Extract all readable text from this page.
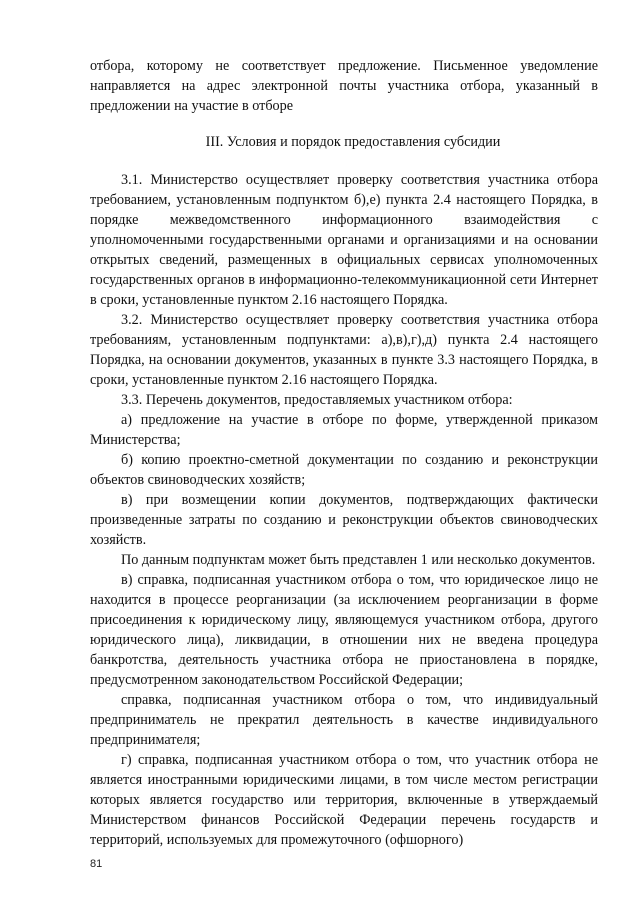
отбора, которому не соответствует предложение. Письменное уведомление направляется на адрес электронной почты участника отбора, указанный в предложении на участие в отборе

III. Условия и порядок предоставления субсидии

3.1. Министерство осуществляет проверку соответствия участника отбора требованием, установленным подпунктом б),е) пункта 2.4 настоящего Порядка, в порядке межведомственного информационного взаимодействия с уполномоченными государственными органами и организациями и на основании открытых сведений, размещенных в официальных сервисах уполномоченных государственных органов в информационно-телекоммуникационной сети Интернет в сроки, установленные пунктом 2.16 настоящего Порядка.

3.2. Министерство осуществляет проверку соответствия участника отбора требованиям, установленным подпунктами: а),в),г),д) пункта 2.4 настоящего Порядка, на основании документов, указанных в пункте 3.3 настоящего Порядка, в сроки, установленные пунктом 2.16 настоящего Порядка.

3.3. Перечень документов, предоставляемых участником отбора:

а) предложение на участие в отборе по форме, утвержденной приказом Министерства;

б) копию проектно-сметной документации по созданию и реконструкции объектов свиноводческих хозяйств;

в) при возмещении копии документов, подтверждающих фактически произведенные затраты по созданию и реконструкции объектов свиноводческих хозяйств.

По данным подпунктам может быть представлен 1 или несколько документов.

в) справка, подписанная участником отбора о том, что юридическое лицо не находится в процессе реорганизации (за исключением реорганизации в форме присоединения к юридическому лицу, являющемуся участником отбора, другого юридического лица), ликвидации, в отношении них не введена процедура банкротства, деятельность участника отбора не приостановлена в порядке, предусмотренном законодательством Российской Федерации;

справка, подписанная участником отбора о том, что индивидуальный предприниматель не прекратил деятельность в качестве индивидуального предпринимателя;

г) справка, подписанная участником отбора о том, что участник отбора не является иностранными юридическими лицами, в том числе местом регистрации которых является государство или территория, включенные в утверждаемый Министерством финансов Российской Федерации перечень государств и территорий, используемых для промежуточного (офшорного)

81
